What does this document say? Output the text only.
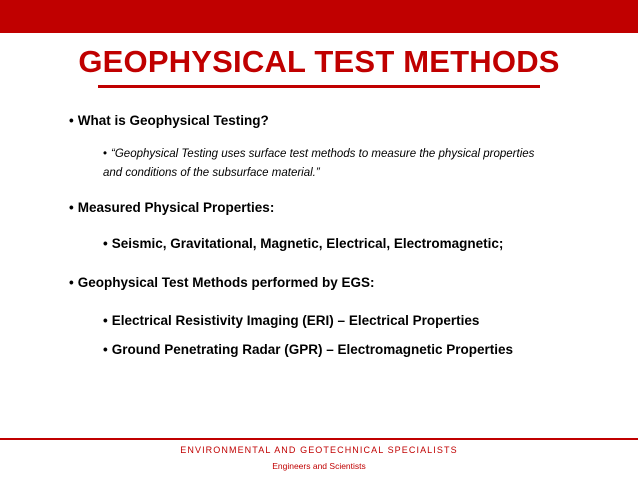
GEOPHYSICAL TEST METHODS
• What is Geophysical Testing?
• “Geophysical Testing uses surface test methods to measure the physical properties
and conditions of the subsurface material.”
• Measured Physical Properties:
• Seismic, Gravitational, Magnetic, Electrical, Electromagnetic;
• Geophysical Test Methods performed by EGS:
• Electrical Resistivity Imaging (ERI) – Electrical Properties
• Ground Penetrating Radar (GPR) – Electromagnetic Properties
ENVIRONMENTAL AND GEOTECHNICAL SPECIALISTS
Engineers and Scientists
